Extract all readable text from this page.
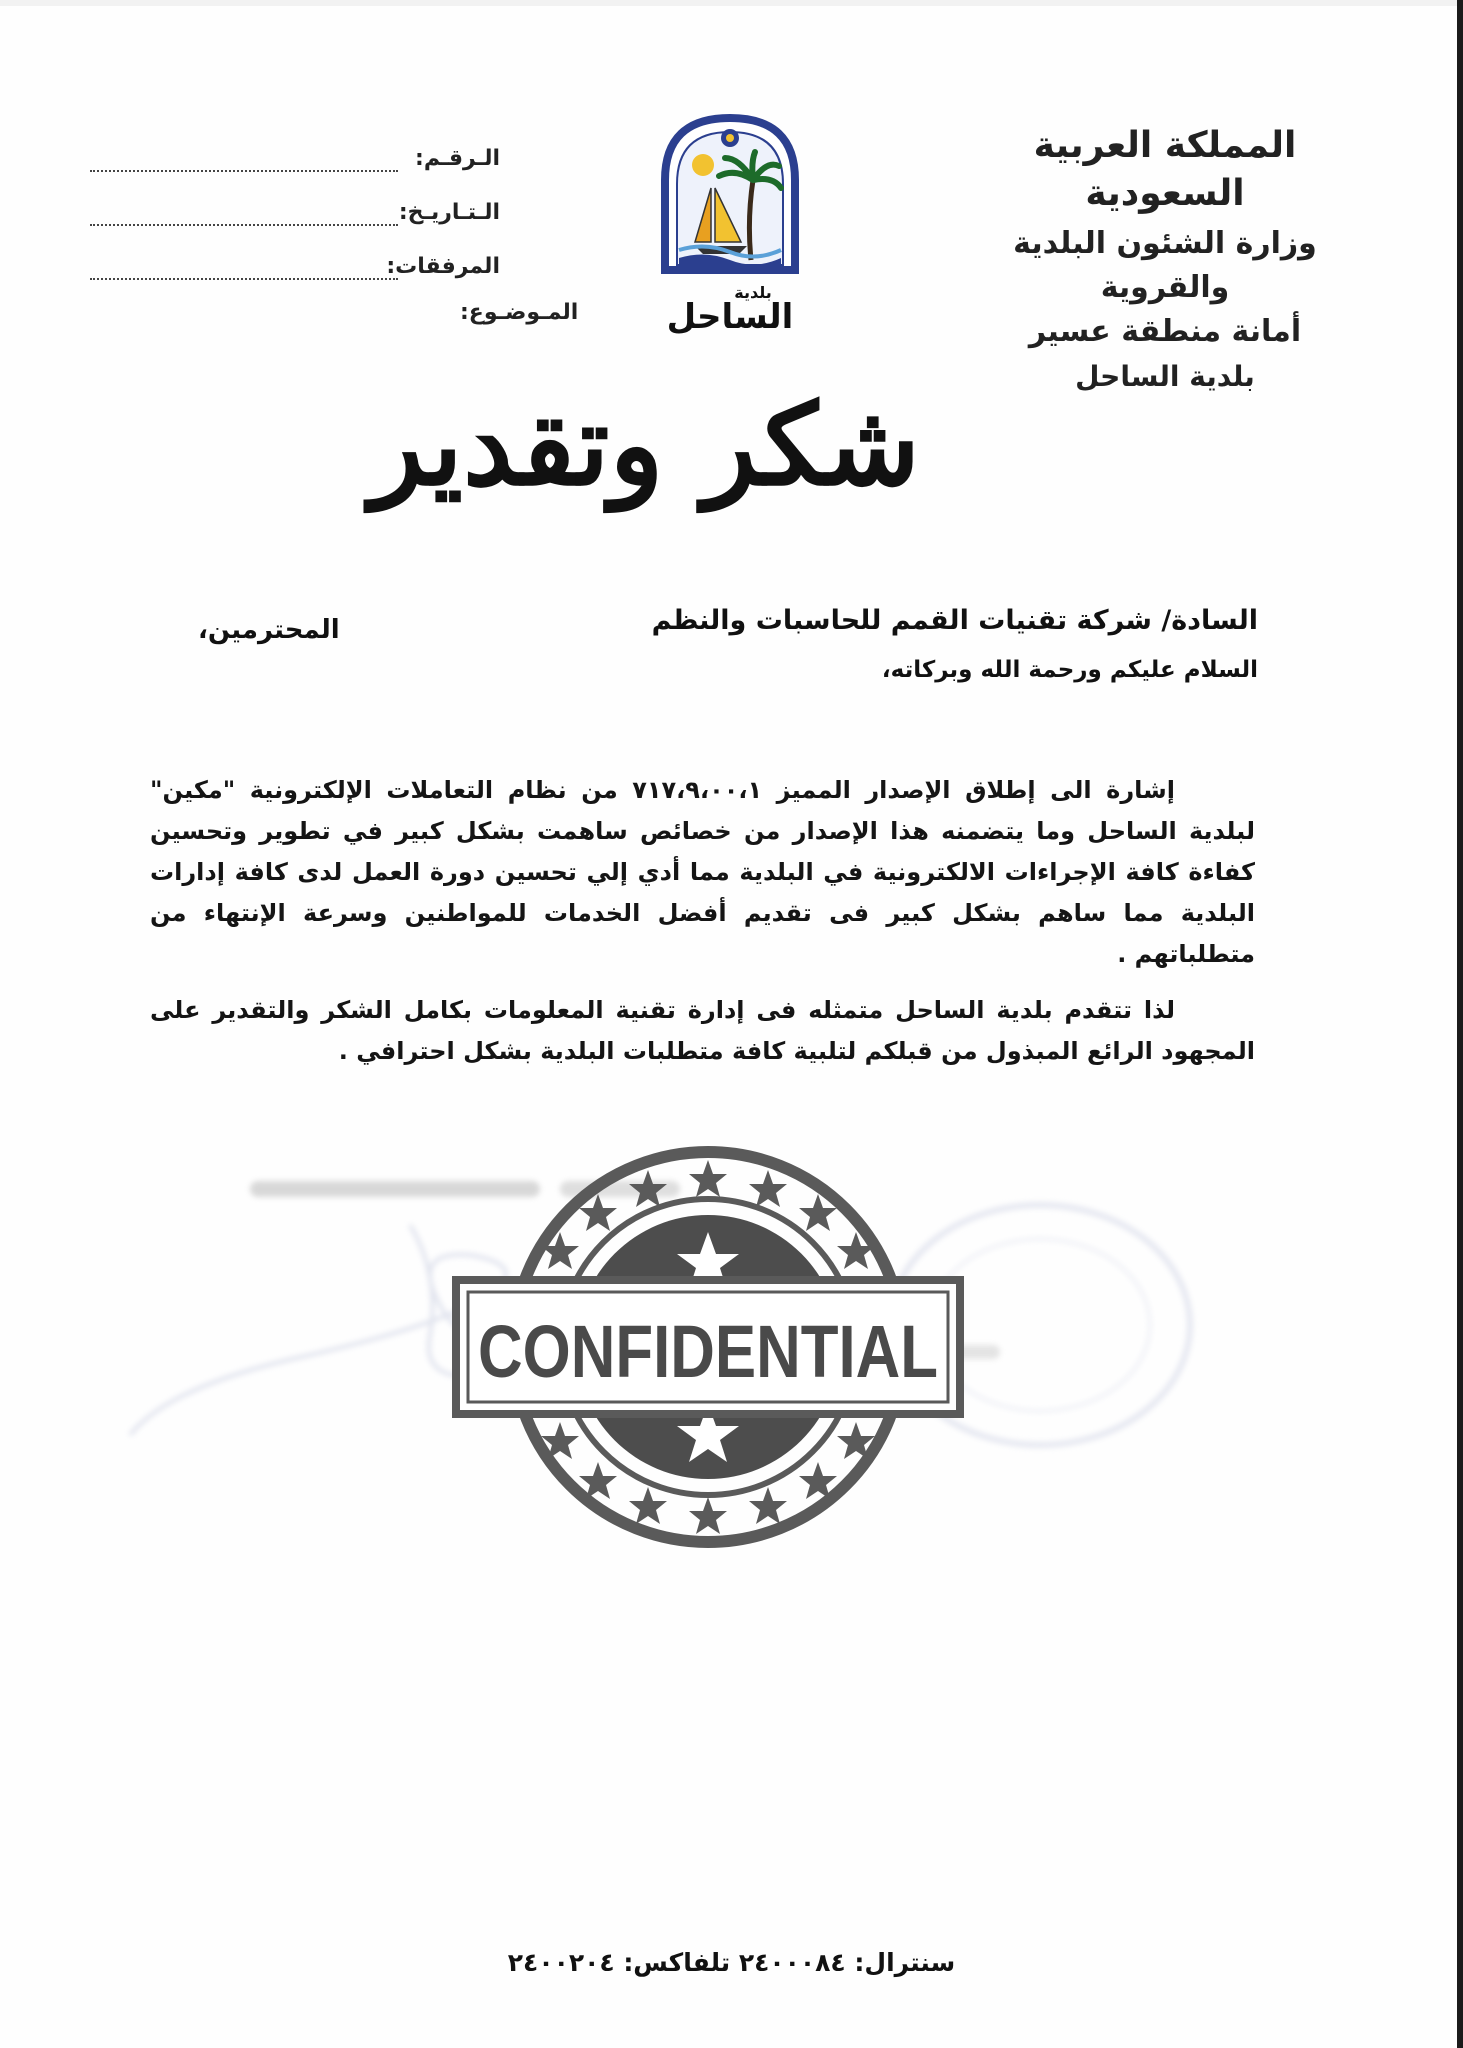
المملكة العربية السعودية
وزارة الشئون البلدية والقروية
أمانة منطقة عسير
بلدية الساحل
الـرقـم:
الـتـاريـخ:
المرفقات:
المـوضـوع:
بلدية
الساحل
شكر وتقدير
السادة/ شركة تقنيات القمم للحاسبات والنظم
المحترمين،
السلام عليكم ورحمة الله وبركاته،
إشارة الى إطلاق الإصدار المميز ٧١٧،٩،٠٠،١ من نظام التعاملات الإلكترونية "مكين" لبلدية الساحل وما يتضمنه هذا الإصدار من خصائص ساهمت بشكل كبير في تطوير وتحسين كفاءة كافة الإجراءات الالكترونية في البلدية مما أدي إلي تحسين دورة العمل لدى كافة إدارات البلدية مما ساهم بشكل كبير فى تقديم أفضل الخدمات للمواطنين وسرعة الإنتهاء من متطلباتهم .
لذا تتقدم بلدية الساحل متمثله فى إدارة تقنية المعلومات بكامل الشكر والتقدير على المجهود الرائع المبذول من قبلكم لتلبية كافة متطلبات البلدية بشكل احترافي .
CONFIDENTIAL
سنترال: ٢٤٠٠٠٨٤ تلفاكس: ٢٤٠٠٢٠٤
